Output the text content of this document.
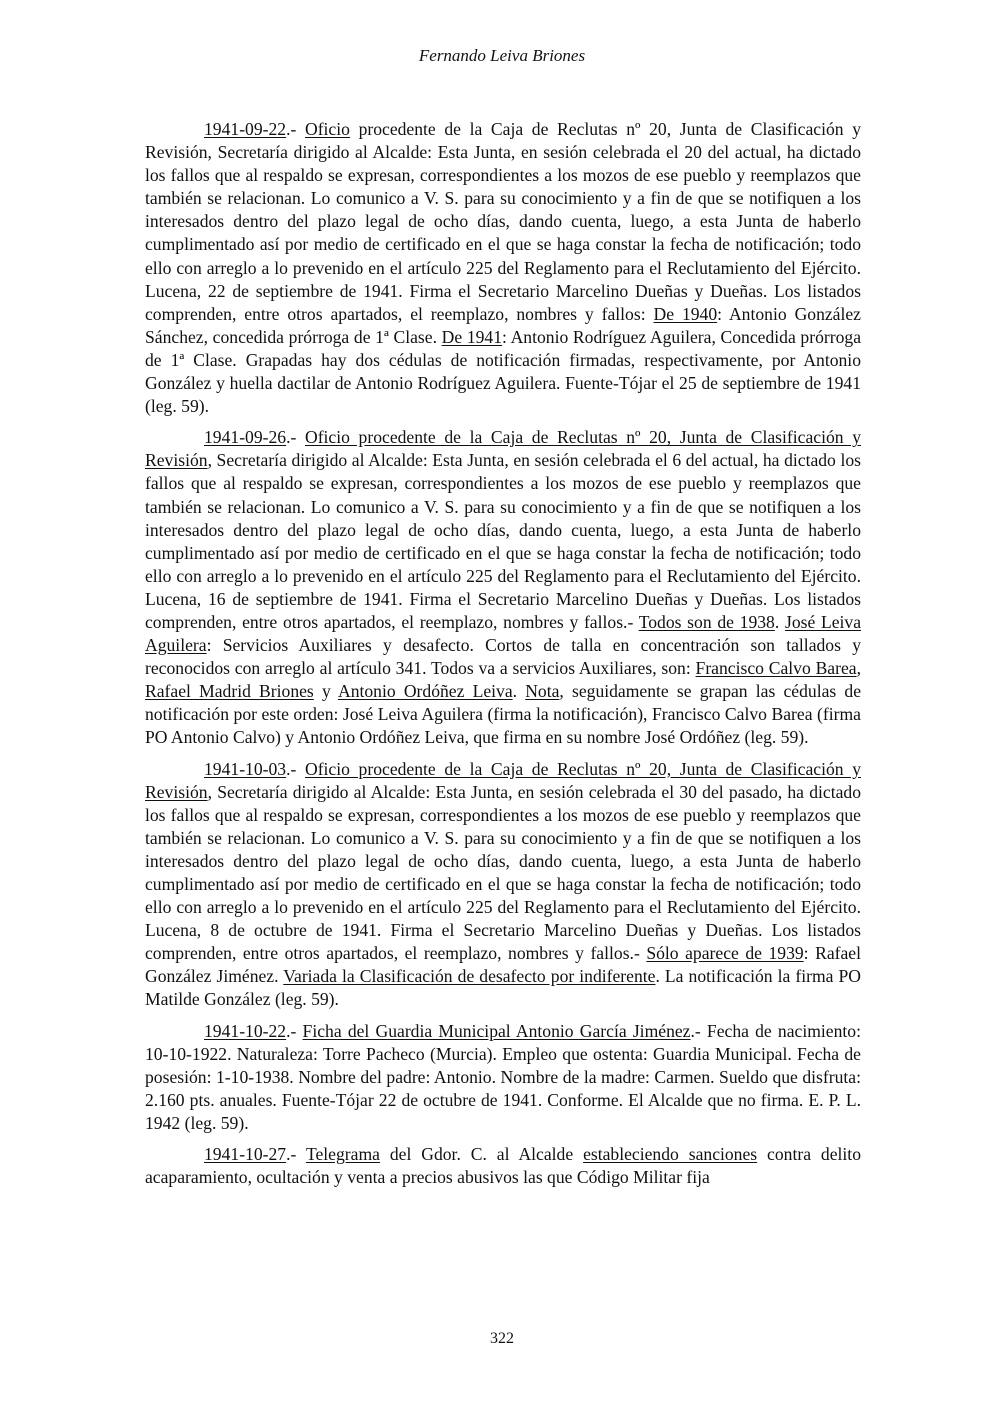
Fernando Leiva Briones

1941-09-22.- Oficio procedente de la Caja de Reclutas nº 20, Junta de Clasificación y Revisión, Secretaría dirigido al Alcalde: Esta Junta, en sesión celebrada el 20 del actual, ha dictado los fallos que al respaldo se expresan, correspondientes a los mozos de ese pueblo y reemplazos que también se relacionan. Lo comunico a V. S. para su conocimiento y a fin de que se notifiquen a los interesados dentro del plazo legal de ocho días, dando cuenta, luego, a esta Junta de haberlo cumplimentado así por medio de certificado en el que se haga constar la fecha de notificación; todo ello con arreglo a lo prevenido en el artículo 225 del Reglamento para el Reclutamiento del Ejército. Lucena, 22 de septiembre de 1941. Firma el Secretario Marcelino Dueñas y Dueñas. Los listados comprenden, entre otros apartados, el reemplazo, nombres y fallos: De 1940: Antonio González Sánchez, concedida prórroga de 1ª Clase. De 1941: Antonio Rodríguez Aguilera, Concedida prórroga de 1ª Clase. Grapadas hay dos cédulas de notificación firmadas, respectivamente, por Antonio González y huella dactilar de Antonio Rodríguez Aguilera. Fuente-Tójar el 25 de septiembre de 1941 (leg. 59).

1941-09-26.- Oficio procedente de la Caja de Reclutas nº 20, Junta de Clasificación y Revisión, Secretaría dirigido al Alcalde: Esta Junta, en sesión celebrada el 6 del actual, ha dictado los fallos que al respaldo se expresan, correspondientes a los mozos de ese pueblo y reemplazos que también se relacionan. Lo comunico a V. S. para su conocimiento y a fin de que se notifiquen a los interesados dentro del plazo legal de ocho días, dando cuenta, luego, a esta Junta de haberlo cumplimentado así por medio de certificado en el que se haga constar la fecha de notificación; todo ello con arreglo a lo prevenido en el artículo 225 del Reglamento para el Reclutamiento del Ejército. Lucena, 16 de septiembre de 1941. Firma el Secretario Marcelino Dueñas y Dueñas. Los listados comprenden, entre otros apartados, el reemplazo, nombres y fallos.- Todos son de 1938. José Leiva Aguilera: Servicios Auxiliares y desafecto. Cortos de talla en concentración son tallados y reconocidos con arreglo al artículo 341. Todos va a servicios Auxiliares, son: Francisco Calvo Barea, Rafael Madrid Briones y Antonio Ordóñez Leiva. Nota, seguidamente se grapan las cédulas de notificación por este orden: José Leiva Aguilera (firma la notificación), Francisco Calvo Barea (firma PO Antonio Calvo) y Antonio Ordóñez Leiva, que firma en su nombre José Ordóñez (leg. 59).

1941-10-03.- Oficio procedente de la Caja de Reclutas nº 20, Junta de Clasificación y Revisión, Secretaría dirigido al Alcalde: Esta Junta, en sesión celebrada el 30 del pasado, ha dictado los fallos que al respaldo se expresan, correspondientes a los mozos de ese pueblo y reemplazos que también se relacionan. Lo comunico a V. S. para su conocimiento y a fin de que se notifiquen a los interesados dentro del plazo legal de ocho días, dando cuenta, luego, a esta Junta de haberlo cumplimentado así por medio de certificado en el que se haga constar la fecha de notificación; todo ello con arreglo a lo prevenido en el artículo 225 del Reglamento para el Reclutamiento del Ejército. Lucena, 8 de octubre de 1941. Firma el Secretario Marcelino Dueñas y Dueñas. Los listados comprenden, entre otros apartados, el reemplazo, nombres y fallos.- Sólo aparece de 1939: Rafael González Jiménez. Variada la Clasificación de desafecto por indiferente. La notificación la firma PO Matilde González (leg. 59).

1941-10-22.- Ficha del Guardia Municipal Antonio García Jiménez.- Fecha de nacimiento: 10-10-1922. Naturaleza: Torre Pacheco (Murcia). Empleo que ostenta: Guardia Municipal. Fecha de posesión: 1-10-1938. Nombre del padre: Antonio. Nombre de la madre: Carmen. Sueldo que disfruta: 2.160 pts. anuales. Fuente-Tójar 22 de octubre de 1941. Conforme. El Alcalde que no firma. E. P. L. 1942 (leg. 59).

1941-10-27.- Telegrama del Gdor. C. al Alcalde estableciendo sanciones contra delito acaparamiento, ocultación y venta a precios abusivos las que Código Militar fija

322
